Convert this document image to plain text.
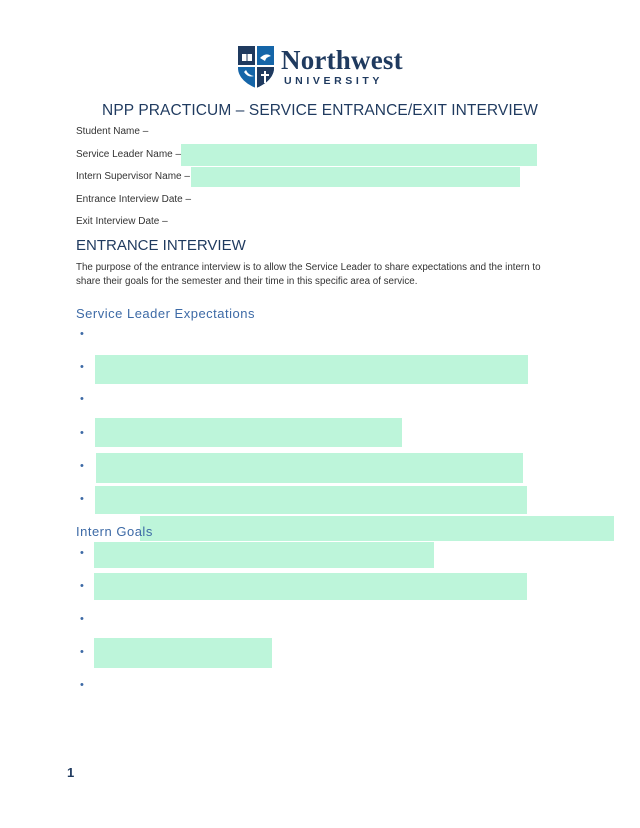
Northwest
UNIVERSITY
NPP PRACTICUM – SERVICE ENTRANCE/EXIT INTERVIEW
Student Name –
Service Leader Name –
Intern Supervisor Name –
Entrance Interview Date –
Exit Interview Date –
ENTRANCE INTERVIEW
The purpose of the entrance interview is to allow the Service Leader to share expectations and the intern to share their goals for the semester and their time in this specific area of service.
Service Leader Expectations
•
•
•
•
•
•
Intern Goals
•
•
•
•
•
1
